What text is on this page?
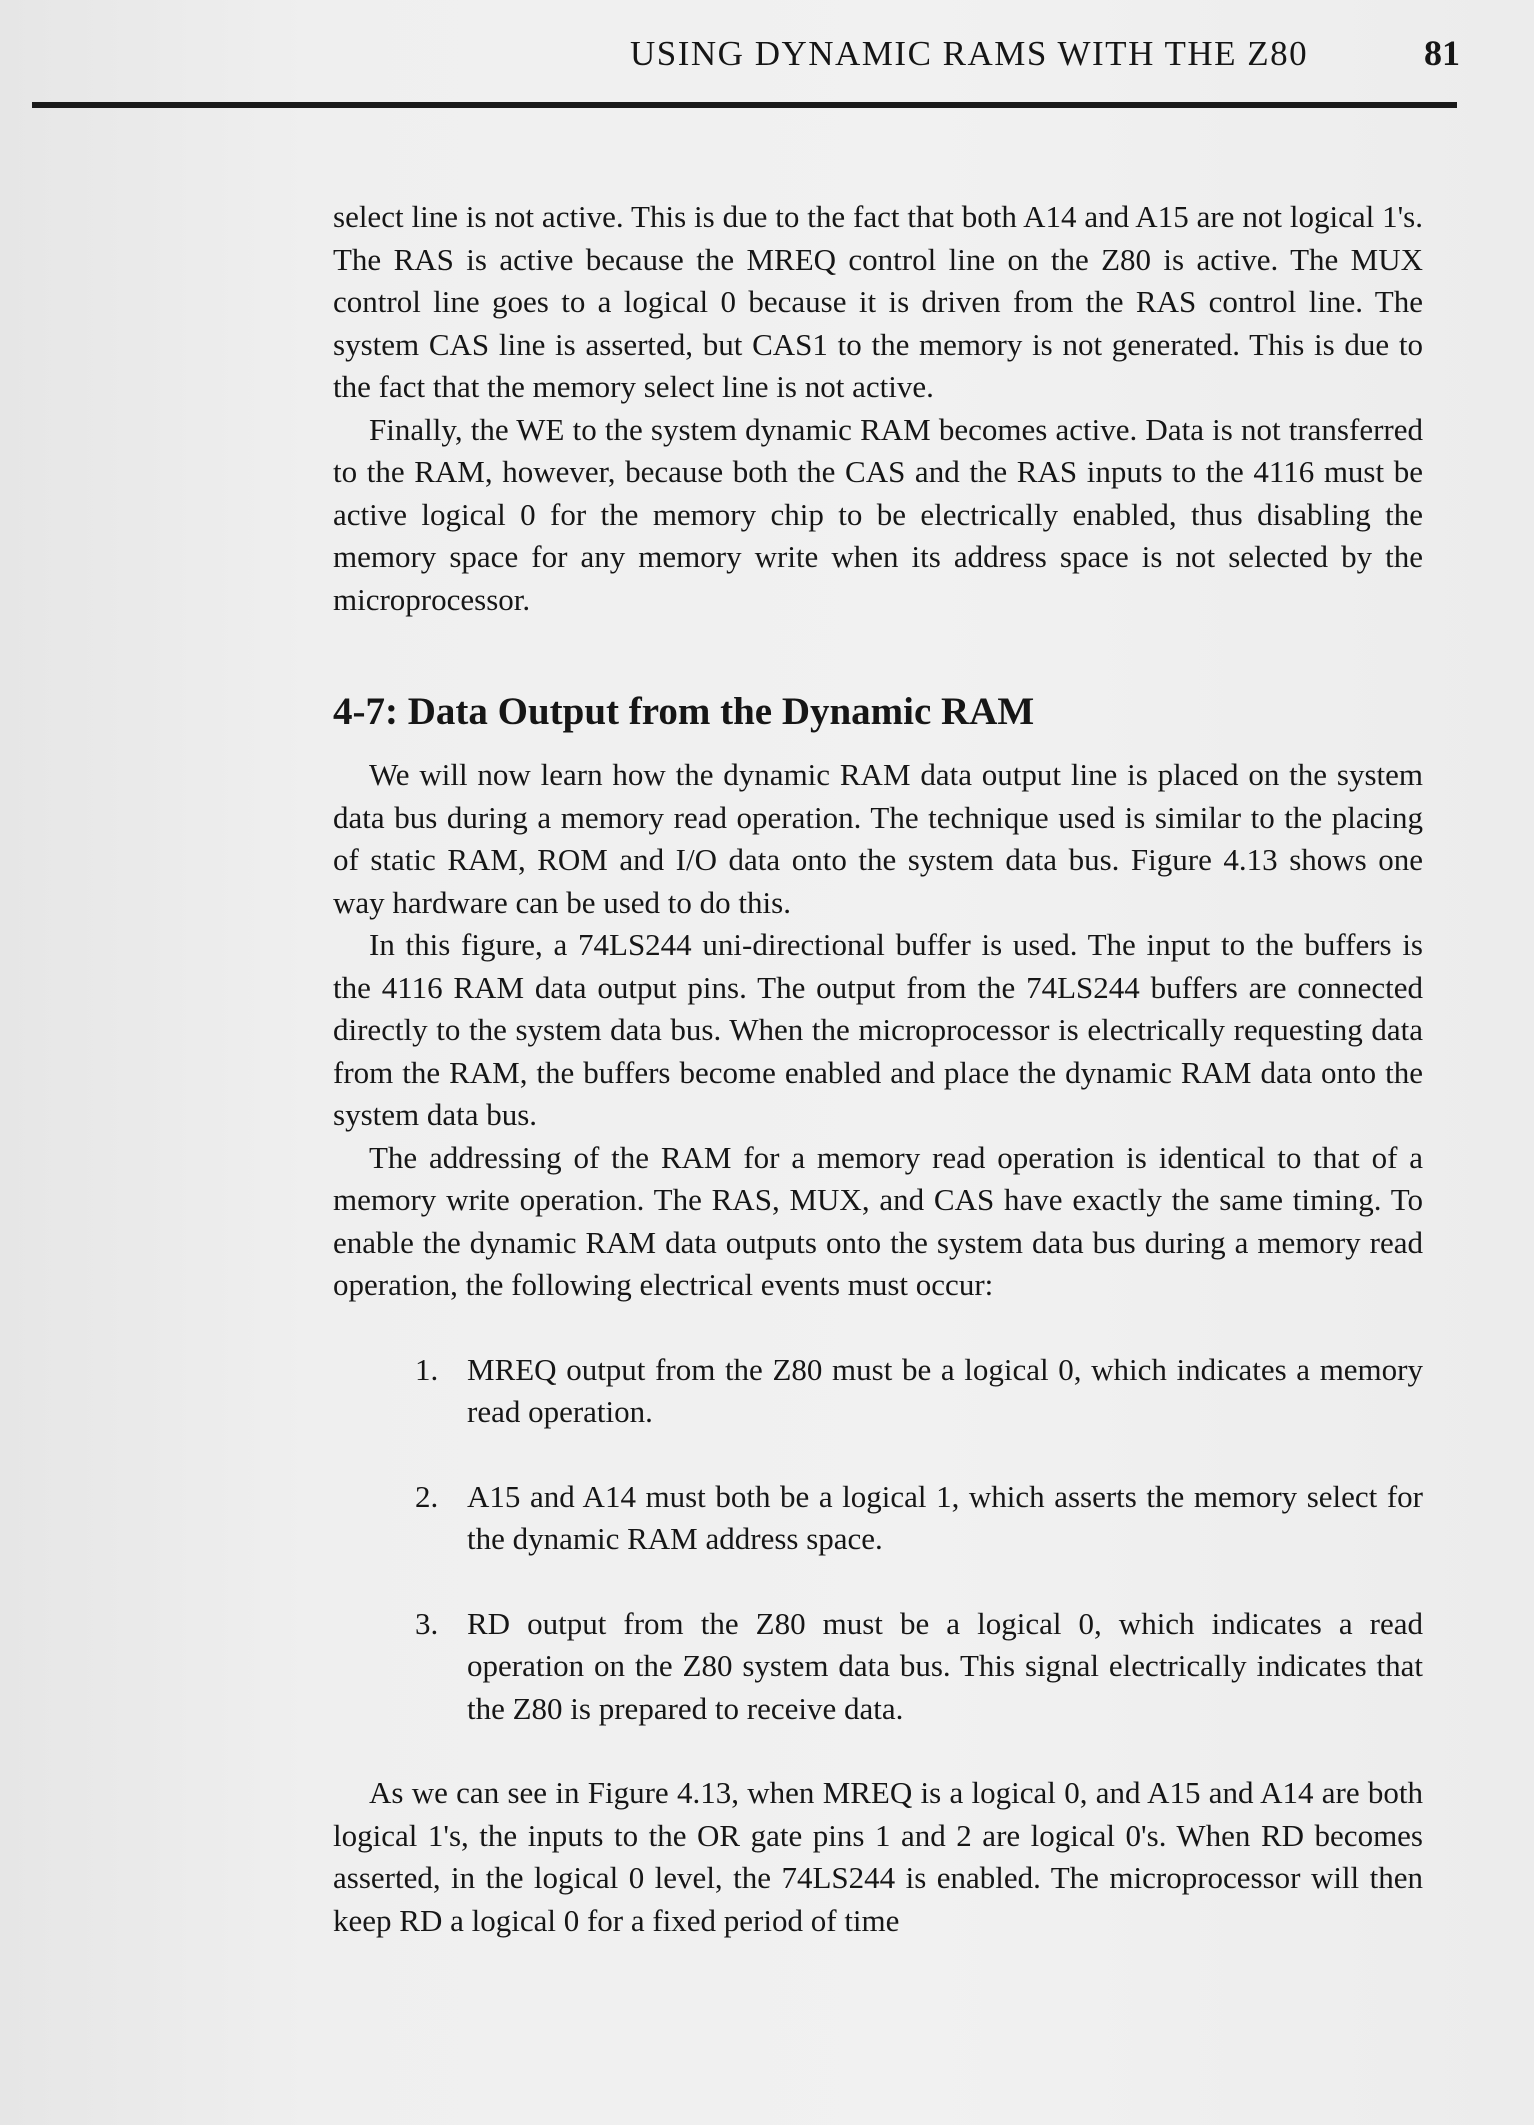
USING DYNAMIC RAMS WITH THE Z80	81

select line is not active. This is due to the fact that both A14 and A15 are not logical 1's. The RAS is active because the MREQ control line on the Z80 is active. The MUX control line goes to a logical 0 because it is driven from the RAS control line. The system CAS line is asserted, but CAS1 to the memory is not generated. This is due to the fact that the memory select line is not active.

Finally, the WE to the system dynamic RAM becomes active. Data is not transferred to the RAM, however, because both the CAS and the RAS inputs to the 4116 must be active logical 0 for the memory chip to be electrically enabled, thus disabling the memory space for any memory write when its address space is not selected by the microprocessor.

4-7: Data Output from the Dynamic RAM

We will now learn how the dynamic RAM data output line is placed on the system data bus during a memory read operation. The technique used is similar to the placing of static RAM, ROM and I/O data onto the system data bus. Figure 4.13 shows one way hardware can be used to do this.

In this figure, a 74LS244 uni-directional buffer is used. The input to the buffers is the 4116 RAM data output pins. The output from the 74LS244 buffers are connected directly to the system data bus. When the microprocessor is electrically requesting data from the RAM, the buffers become enabled and place the dynamic RAM data onto the system data bus.

The addressing of the RAM for a memory read operation is identical to that of a memory write operation. The RAS, MUX, and CAS have exactly the same timing. To enable the dynamic RAM data outputs onto the system data bus during a memory read operation, the following electrical events must occur:

1. MREQ output from the Z80 must be a logical 0, which indicates a memory read operation.
2. A15 and A14 must both be a logical 1, which asserts the memory select for the dynamic RAM address space.
3. RD output from the Z80 must be a logical 0, which indicates a read operation on the Z80 system data bus. This signal electrically indicates that the Z80 is prepared to receive data.

As we can see in Figure 4.13, when MREQ is a logical 0, and A15 and A14 are both logical 1's, the inputs to the OR gate pins 1 and 2 are logical 0's. When RD becomes asserted, in the logical 0 level, the 74LS244 is enabled. The microprocessor will then keep RD a logical 0 for a fixed period of time
